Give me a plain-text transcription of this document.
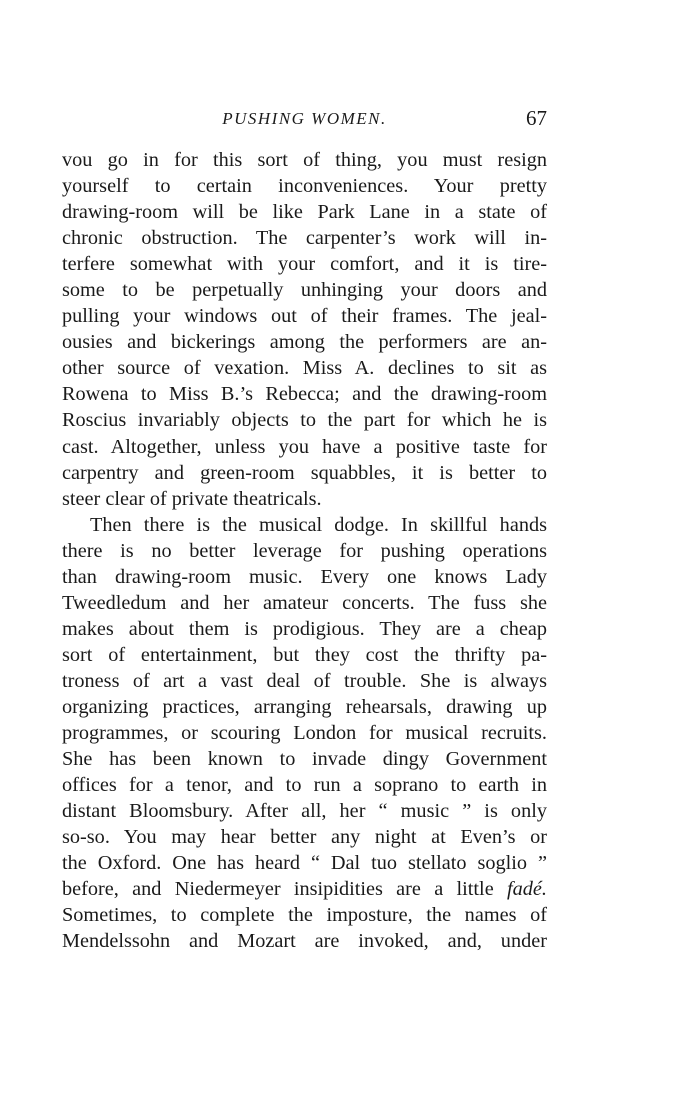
PUSHING WOMEN.	67
vou go in for this sort of thing, you must resign
yourself to certain inconveniences. Your pretty
drawing-room will be like Park Lane in a state of
chronic obstruction. The carpenter’s work will in-
terfere somewhat with your comfort, and it is tire-
some to be perpetually unhinging your doors and
pulling your windows out of their frames. The jeal-
ousies and bickerings among the performers are an-
other source of vexation. Miss A. declines to sit as
Rowena to Miss B.’s Rebecca; and the drawing-room
Roscius invariably objects to the part for which he is
cast. Altogether, unless you have a positive taste for
carpentry and green-room squabbles, it is better to
steer clear of private theatricals.
Then there is the musical dodge. In skillful hands
there is no better leverage for pushing operations
than drawing-room music. Every one knows Lady
Tweedledum and her amateur concerts. The fuss she
makes about them is prodigious. They are a cheap
sort of entertainment, but they cost the thrifty pa-
troness of art a vast deal of trouble. She is always
organizing practices, arranging rehearsals, drawing up
programmes, or scouring London for musical recruits.
She has been known to invade dingy Government
offices for a tenor, and to run a soprano to earth in
distant Bloomsbury. After all, her “ music ” is only
so-so. You may hear better any night at Even’s or
the Oxford. One has heard “ Dal tuo stellato soglio ”
before, and Niedermeyer insipidities are a little fadé.
Sometimes, to complete the imposture, the names of
Mendelssohn and Mozart are invoked, and, under
